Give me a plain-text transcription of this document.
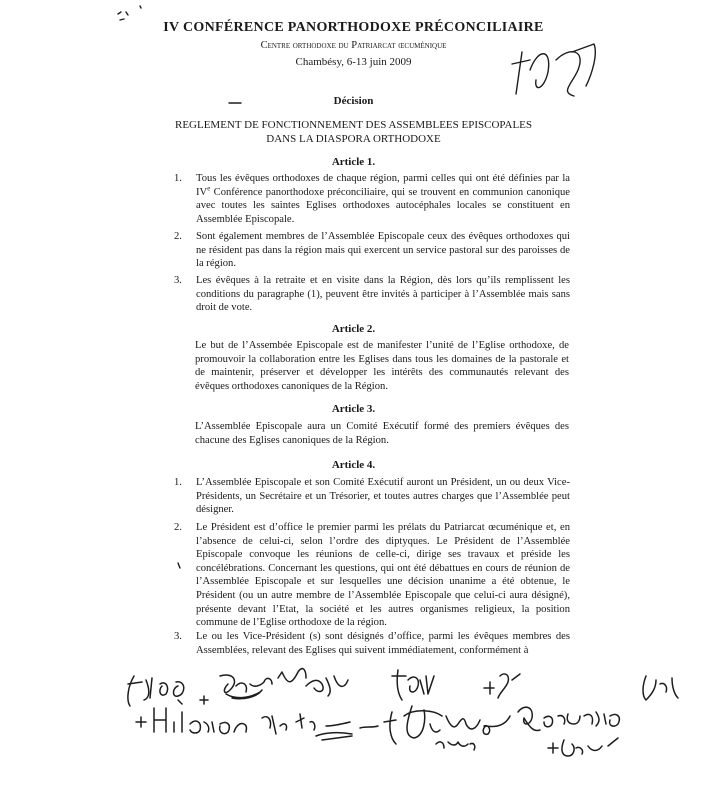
IV CONFÉRENCE PANORTHODOXE PRÉCONCILIAIRE
Centre orthodoxe du Patriarcat œcuménique
Chambésy, 6-13 juin 2009
Décision
REGLEMENT DE FONCTIONNEMENT DES ASSEMBLEES EPISCOPALES
DANS LA DIASPORA ORTHODOXE
Article 1.
1. Tous les évêques orthodoxes de chaque région, parmi celles qui ont été définies par la IVe Conférence panorthodoxe préconciliaire, qui se trouvent en communion canonique avec toutes les saintes Eglises orthodoxes autocéphales locales se constituent en Assemblée Episcopale.
2. Sont également membres de l’Assemblée Episcopale ceux des évêques orthodoxes qui ne résident pas dans la région mais qui exercent un service pastoral sur des paroisses de la région.
3. Les évêques à la retraite et en visite dans la Région, dès lors qu’ils remplissent les conditions du paragraphe (1), peuvent être invités à participer à l’Assemblée mais sans droit de vote.
Article 2.
Le but de l’Assembée Episcopale est de manifester l’unité de l’Eglise orthodoxe, de promouvoir la collaboration entre les Eglises dans tous les domaines de la pastorale et de maintenir, préserver et développer les intérêts des communautés relevant des évêques orthodoxes canoniques de la Région.
Article 3.
L’Assemblée Episcopale aura un Comité Exécutif formé des premiers évêques des chacune des Eglises canoniques de la Région.
Article 4.
1. L’Assemblée Episcopale et son Comité Exécutif auront un Président, un ou deux Vice-Présidents, un Secrétaire et un Trésorier, et toutes autres charges que l’Assemblée peut désigner.
2. Le Président est d’office le premier parmi les prélats du Patriarcat œcuménique et, en l’absence de celui-ci, selon l’ordre des diptyques. Le Président de l’Assemblée Episcopale convoque les réunions de celle-ci, dirige ses travaux et préside les concélébrations. Concernant les questions, qui ont été débattues en cours de réunion de l’Assemblée Episcopale et sur lesquelles une décision unanime a été obtenue, le Président (ou un autre membre de l’Assemblée Episcopale que celui-ci aura désigné), présente devant l’Etat, la société et les autres organismes religieux, la position commune de l’Eglise orthodoxe de la région.
3. Le ou les Vice-Président (s) sont désignés d’office, parmi les évêques membres des Assemblées, relevant des Eglises qui suivent immédiatement, conformément à
